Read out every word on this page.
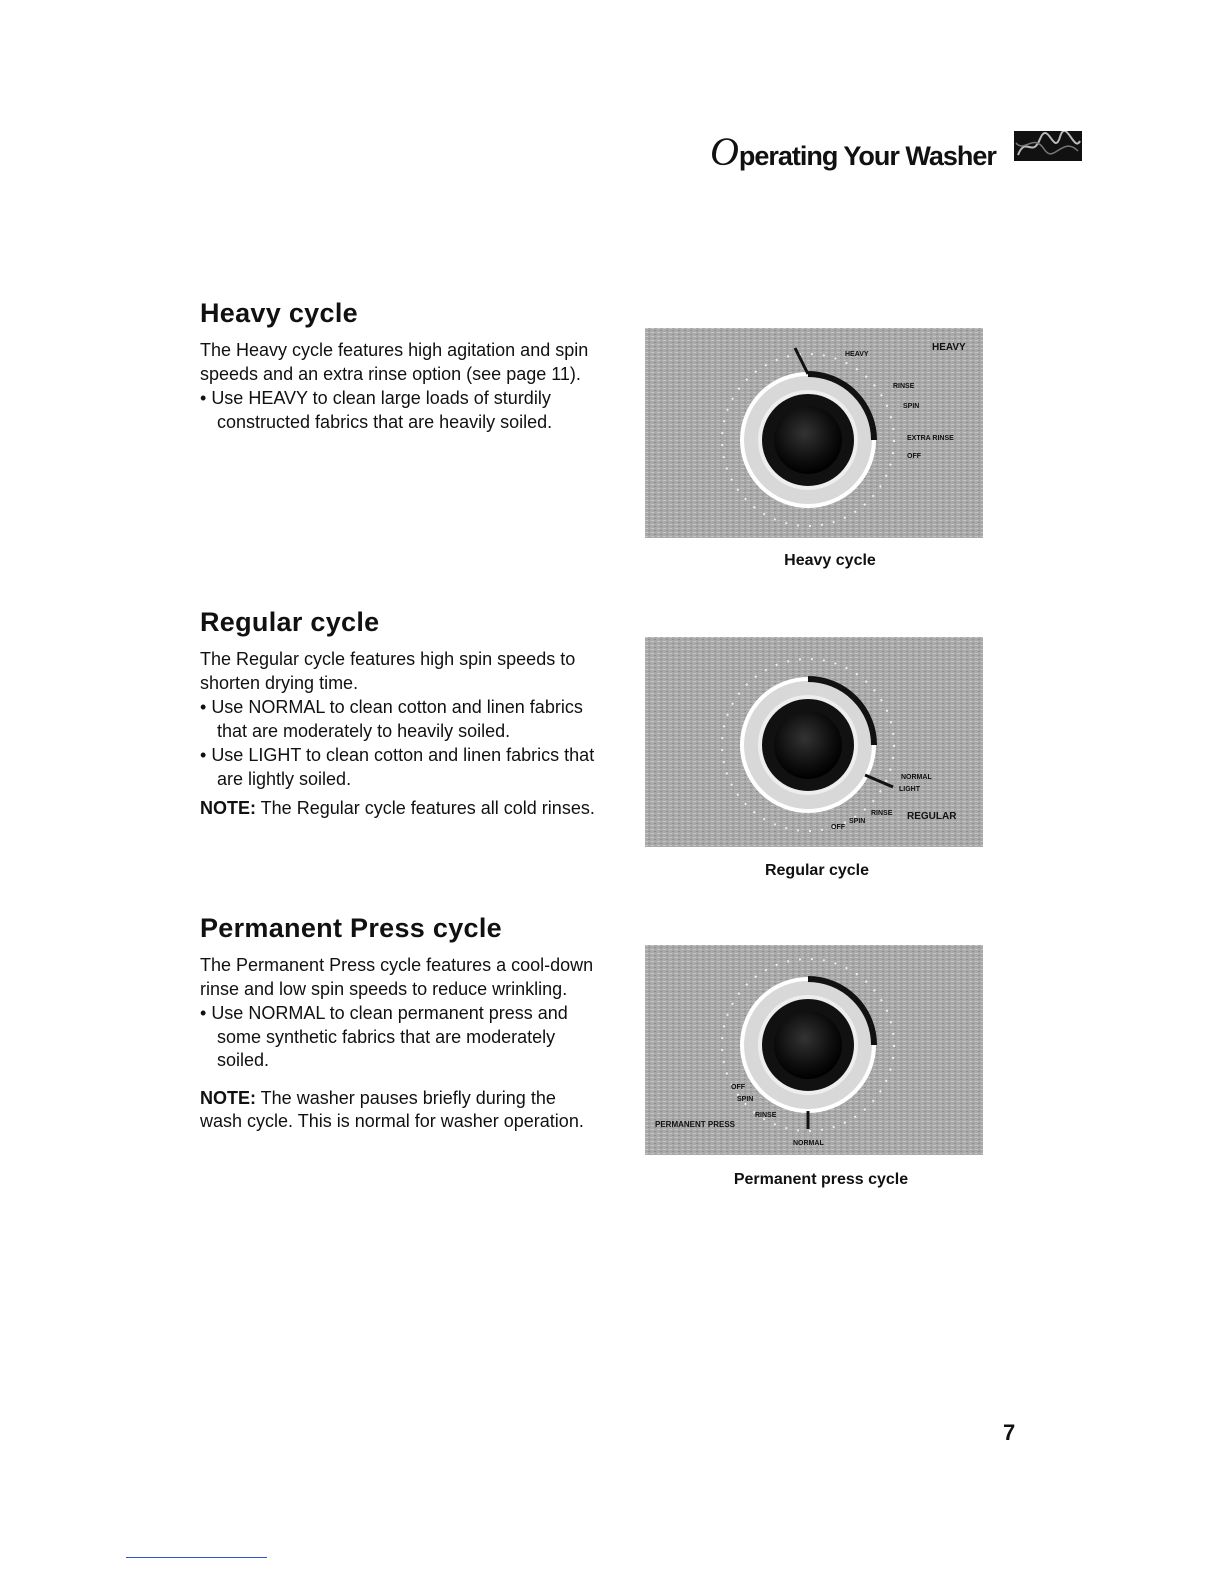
Operating Your Washer
Heavy cycle

The Heavy cycle features high agitation and spin speeds and an extra rinse option (see page 11).

• Use HEAVY to clean large loads of sturdily constructed fabrics that are heavily soiled.

Regular cycle

The Regular cycle features high spin speeds to shorten drying time.

• Use NORMAL to clean cotton and linen fabrics that are moderately to heavily soiled.

• Use LIGHT to clean cotton and linen fabrics that are lightly soiled.

NOTE: The Regular cycle features all cold rinses.

Permanent Press cycle

The Permanent Press cycle features a cool-down rinse and low spin speeds to reduce wrinkling.

• Use NORMAL to clean permanent press and some synthetic fabrics that are moderately soiled.

NOTE: The washer pauses briefly during the wash cycle. This is normal for washer operation.

HEAVY
HEAVY
RINSE
SPIN
EXTRA RINSE
OFF
Heavy cycle
NORMAL
LIGHT
RINSE
SPIN
OFF
REGULAR
Regular cycle
OFF
SPIN
RINSE
PERMANENT PRESS
NORMAL
Permanent press cycle
7
